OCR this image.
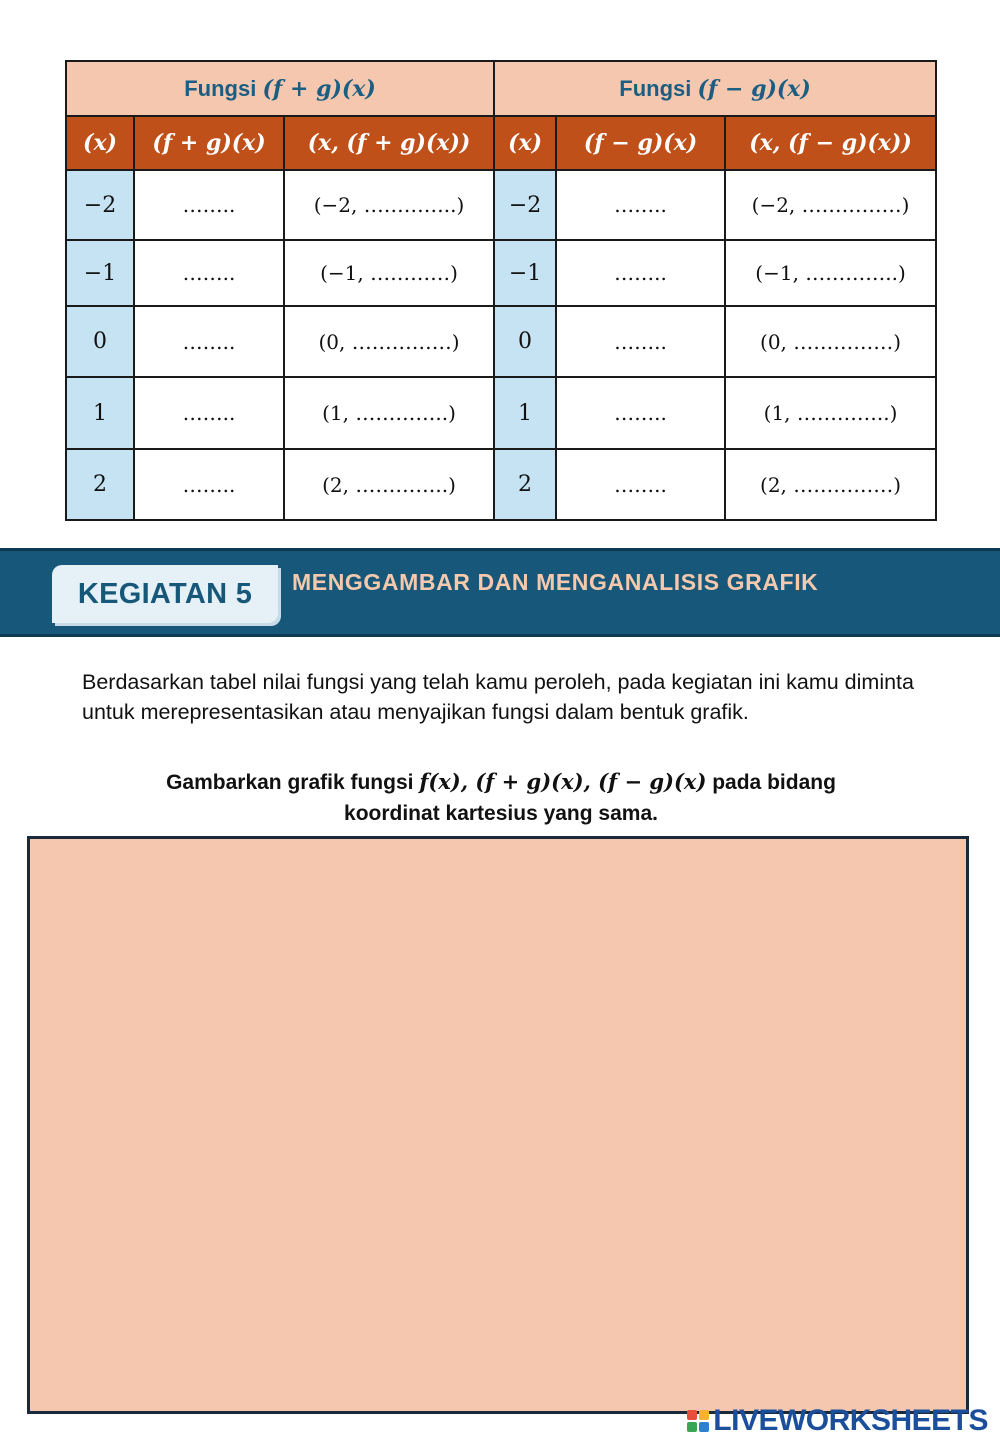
Fungsi (f + g)(x)			Fungsi (f − g)(x)		
(x)	(f + g)(x)	(x, (f + g)(x))	(x)	(f − g)(x)	(x, (f − g)(x))
−2	……..	(−2, …………..)	−2	……..	(−2, ……………)
−1	……..	(−1, …………)	−1	……..	(−1, …………..)
0	……..	(0, ……………)	0	……..	(0, ……………)
1	……..	(1, …………..)	1	……..	(1, …………..)
2	……..	(2, …………..)	2	……..	(2, ……………)
KEGIATAN 5	MENGGAMBAR DAN MENGANALISIS GRAFIK

Berdasarkan tabel nilai fungsi yang telah kamu peroleh, pada kegiatan ini kamu diminta untuk merepresentasikan atau menyajikan fungsi dalam bentuk grafik.

Gambarkan grafik fungsi f(x), (f + g)(x), (f − g)(x) pada bidang
koordinat kartesius yang sama.
LIVEWORKSHEETS
